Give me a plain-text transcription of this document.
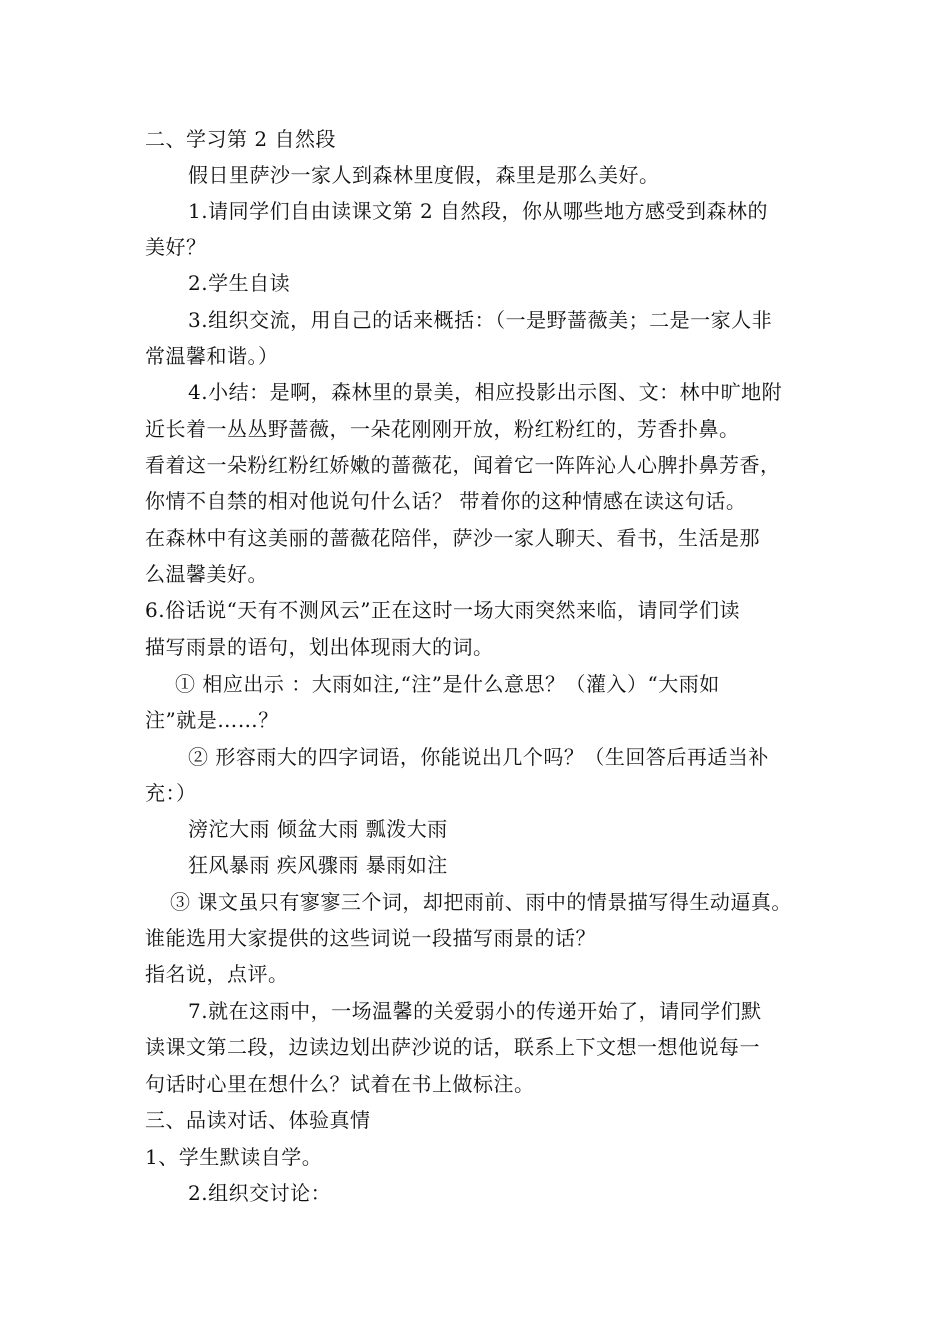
二、学习第 2 自然段
假日里萨沙一家人到森林里度假，森里是那么美好。
1.请同学们自由读课文第 2 自然段，你从哪些地方感受到森林的
美好？
2.学生自读
3.组织交流，用自己的话来概括：（一是野蔷薇美；二是一家人非
常温馨和谐。）
4.小结：是啊，森林里的景美，相应投影出示图、文：林中旷地附
近长着一丛丛野蔷薇，一朵花刚刚开放，粉红粉红的，芳香扑鼻。
看着这一朵粉红粉红娇嫩的蔷薇花，闻着它一阵阵沁人心脾扑鼻芳香，
你情不自禁的相对他说句什么话？ 带着你的这种情感在读这句话。
在森林中有这美丽的蔷薇花陪伴，萨沙一家人聊天、看书，生活是那
么温馨美好。
6.俗话说“天有不测风云”正在这时一场大雨突然来临，请同学们读
描写雨景的语句，划出体现雨大的词。
① 相应出示 ：大雨如注,“注”是什么意思？（灌入）“大雨如
注”就是……？
② 形容雨大的四字词语，你能说出几个吗？（生回答后再适当补
充：）
滂沱大雨 倾盆大雨 瓢泼大雨
狂风暴雨 疾风骤雨 暴雨如注
③ 课文虽只有寥寥三个词，却把雨前、雨中的情景描写得生动逼真。
谁能选用大家提供的这些词说一段描写雨景的话？
指名说，点评。
7.就在这雨中，一场温馨的关爱弱小的传递开始了，请同学们默
读课文第二段，边读边划出萨沙说的话，联系上下文想一想他说每一
句话时心里在想什么？试着在书上做标注。
三、品读对话、体验真情
1、学生默读自学。
2.组织交讨论：
